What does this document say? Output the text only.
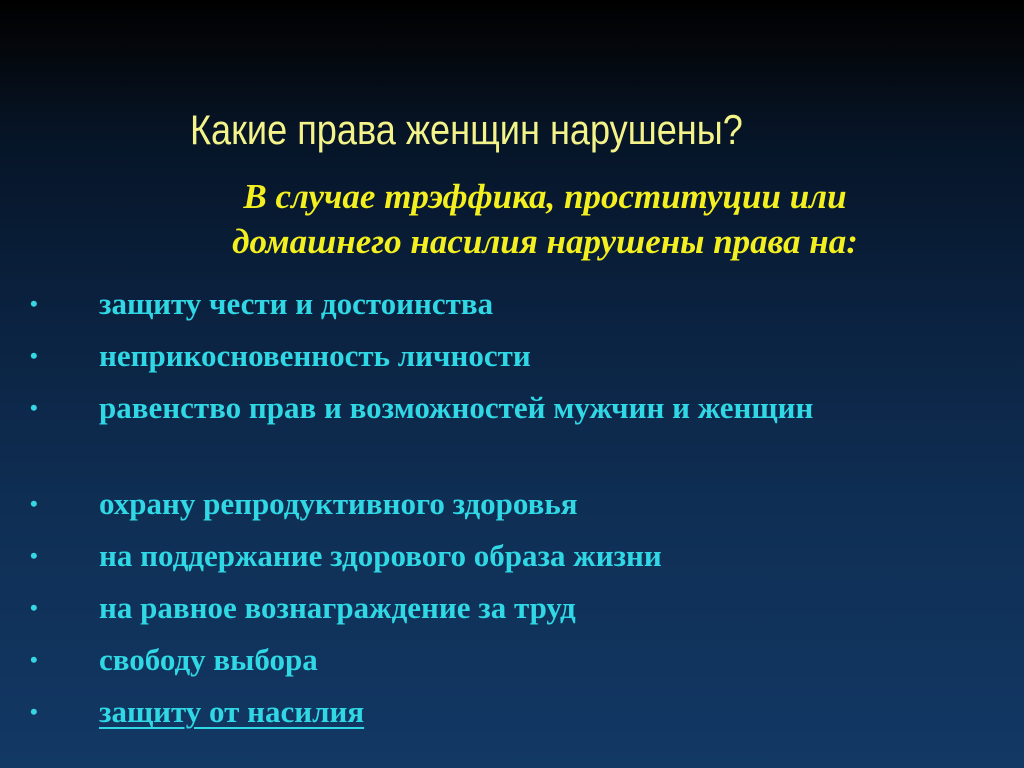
Какие права женщин нарушены?
В случае трэффика, проституции или
домашнего насилия нарушены права на:
• защиту чести и достоинства
• неприкосновенность личности
• равенство прав и возможностей мужчин и женщин
• охрану репродуктивного здоровья
• на поддержание здорового образа жизни
• на равное вознаграждение за труд
• свободу выбора
• защиту от насилия
